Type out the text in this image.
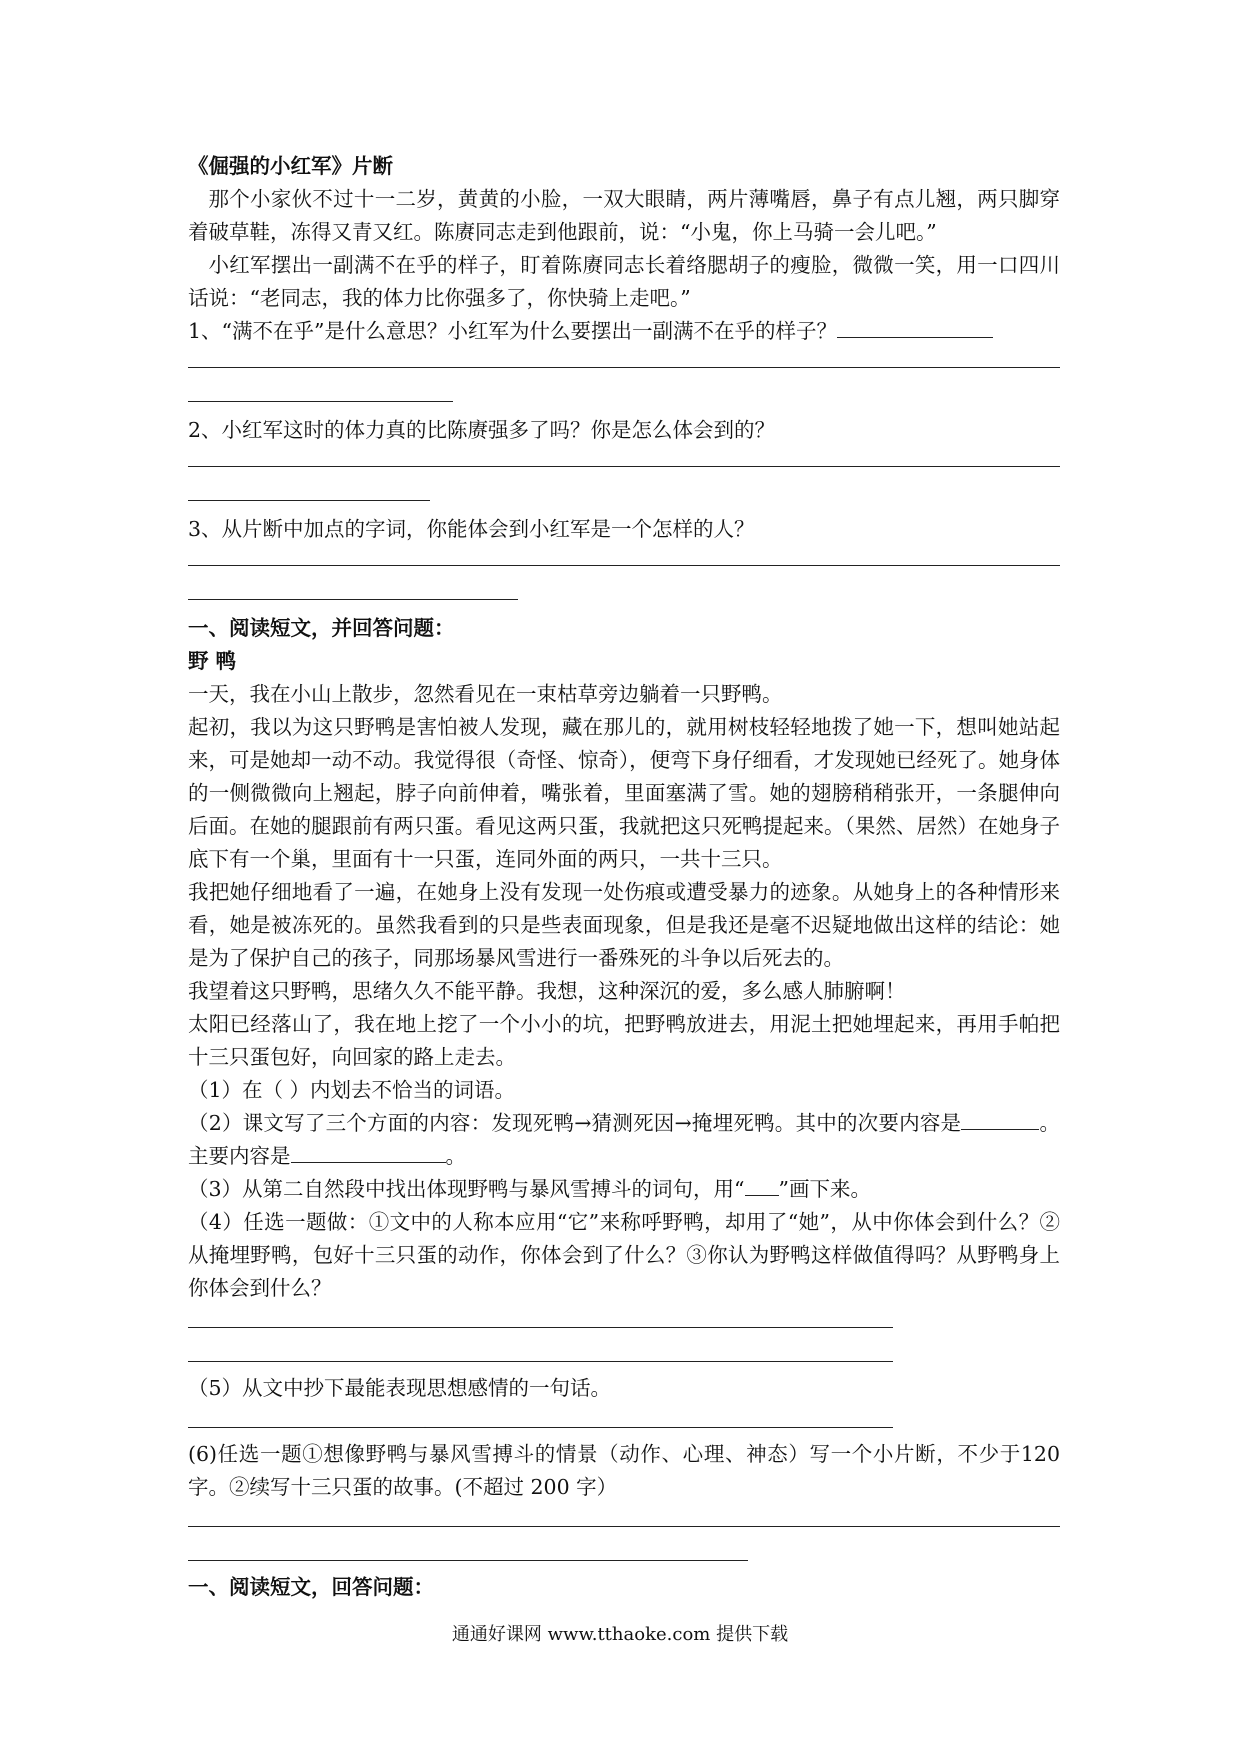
《倔强的小红军》片断

那个小家伙不过十一二岁，黄黄的小脸，一双大眼睛，两片薄嘴唇，鼻子有点儿翘，两只脚穿着破草鞋，冻得又青又红。陈赓同志走到他跟前，说：“小鬼，你上马骑一会儿吧。”

小红军摆出一副满不在乎的样子，盯着陈赓同志长着络腮胡子的瘦脸，微微一笑，用一口四川话说：“老同志，我的体力比你强多了，你快骑上走吧。”

1、“满不在乎”是什么意思？小红军为什么要摆出一副满不在乎的样子？

2、小红军这时的体力真的比陈赓强多了吗？你是怎么体会到的？

3、从片断中加点的字词，你能体会到小红军是一个怎样的人？

一、阅读短文，并回答问题：

野 鸭

一天，我在小山上散步，忽然看见在一束枯草旁边躺着一只野鸭。

起初，我以为这只野鸭是害怕被人发现，藏在那儿的，就用树枝轻轻地拨了她一下，想叫她站起来，可是她却一动不动。我觉得很（奇怪、惊奇），便弯下身仔细看，才发现她已经死了。她身体的一侧微微向上翘起，脖子向前伸着，嘴张着，里面塞满了雪。她的翅膀稍稍张开，一条腿伸向后面。在她的腿跟前有两只蛋。看见这两只蛋，我就把这只死鸭提起来。（果然、居然）在她身子底下有一个巢，里面有十一只蛋，连同外面的两只，一共十三只。

我把她仔细地看了一遍，在她身上没有发现一处伤痕或遭受暴力的迹象。从她身上的各种情形来看，她是被冻死的。虽然我看到的只是些表面现象，但是我还是毫不迟疑地做出这样的结论：她是为了保护自己的孩子，同那场暴风雪进行一番殊死的斗争以后死去的。

我望着这只野鸭，思绪久久不能平静。我想，这种深沉的爱，多么感人肺腑啊！

太阳已经落山了，我在地上挖了一个小小的坑，把野鸭放进去，用泥土把她埋起来，再用手帕把十三只蛋包好，向回家的路上走去。

（1）在（ ）内划去不恰当的词语。

（2）课文写了三个方面的内容：发现死鸭→猜测死因→掩埋死鸭。其中的次要内容是	。主要内容是	。

（3）从第二自然段中找出体现野鸭与暴风雪搏斗的词句，用“ ”画下来。

（4）任选一题做：①文中的人称本应用“它”来称呼野鸭，却用了“她”，从中你体会到什么？②从掩埋野鸭，包好十三只蛋的动作，你体会到了什么？③你认为野鸭这样做值得吗？从野鸭身上你体会到什么？

（5）从文中抄下最能表现思想感情的一句话。

(6)任选一题①想像野鸭与暴风雪搏斗的情景（动作、心理、神态）写一个小片断，不少于120字。②续写十三只蛋的故事。(不超过 200 字）

一、阅读短文，回答问题：

通通好课网 www.tthaoke.com 提供下载
